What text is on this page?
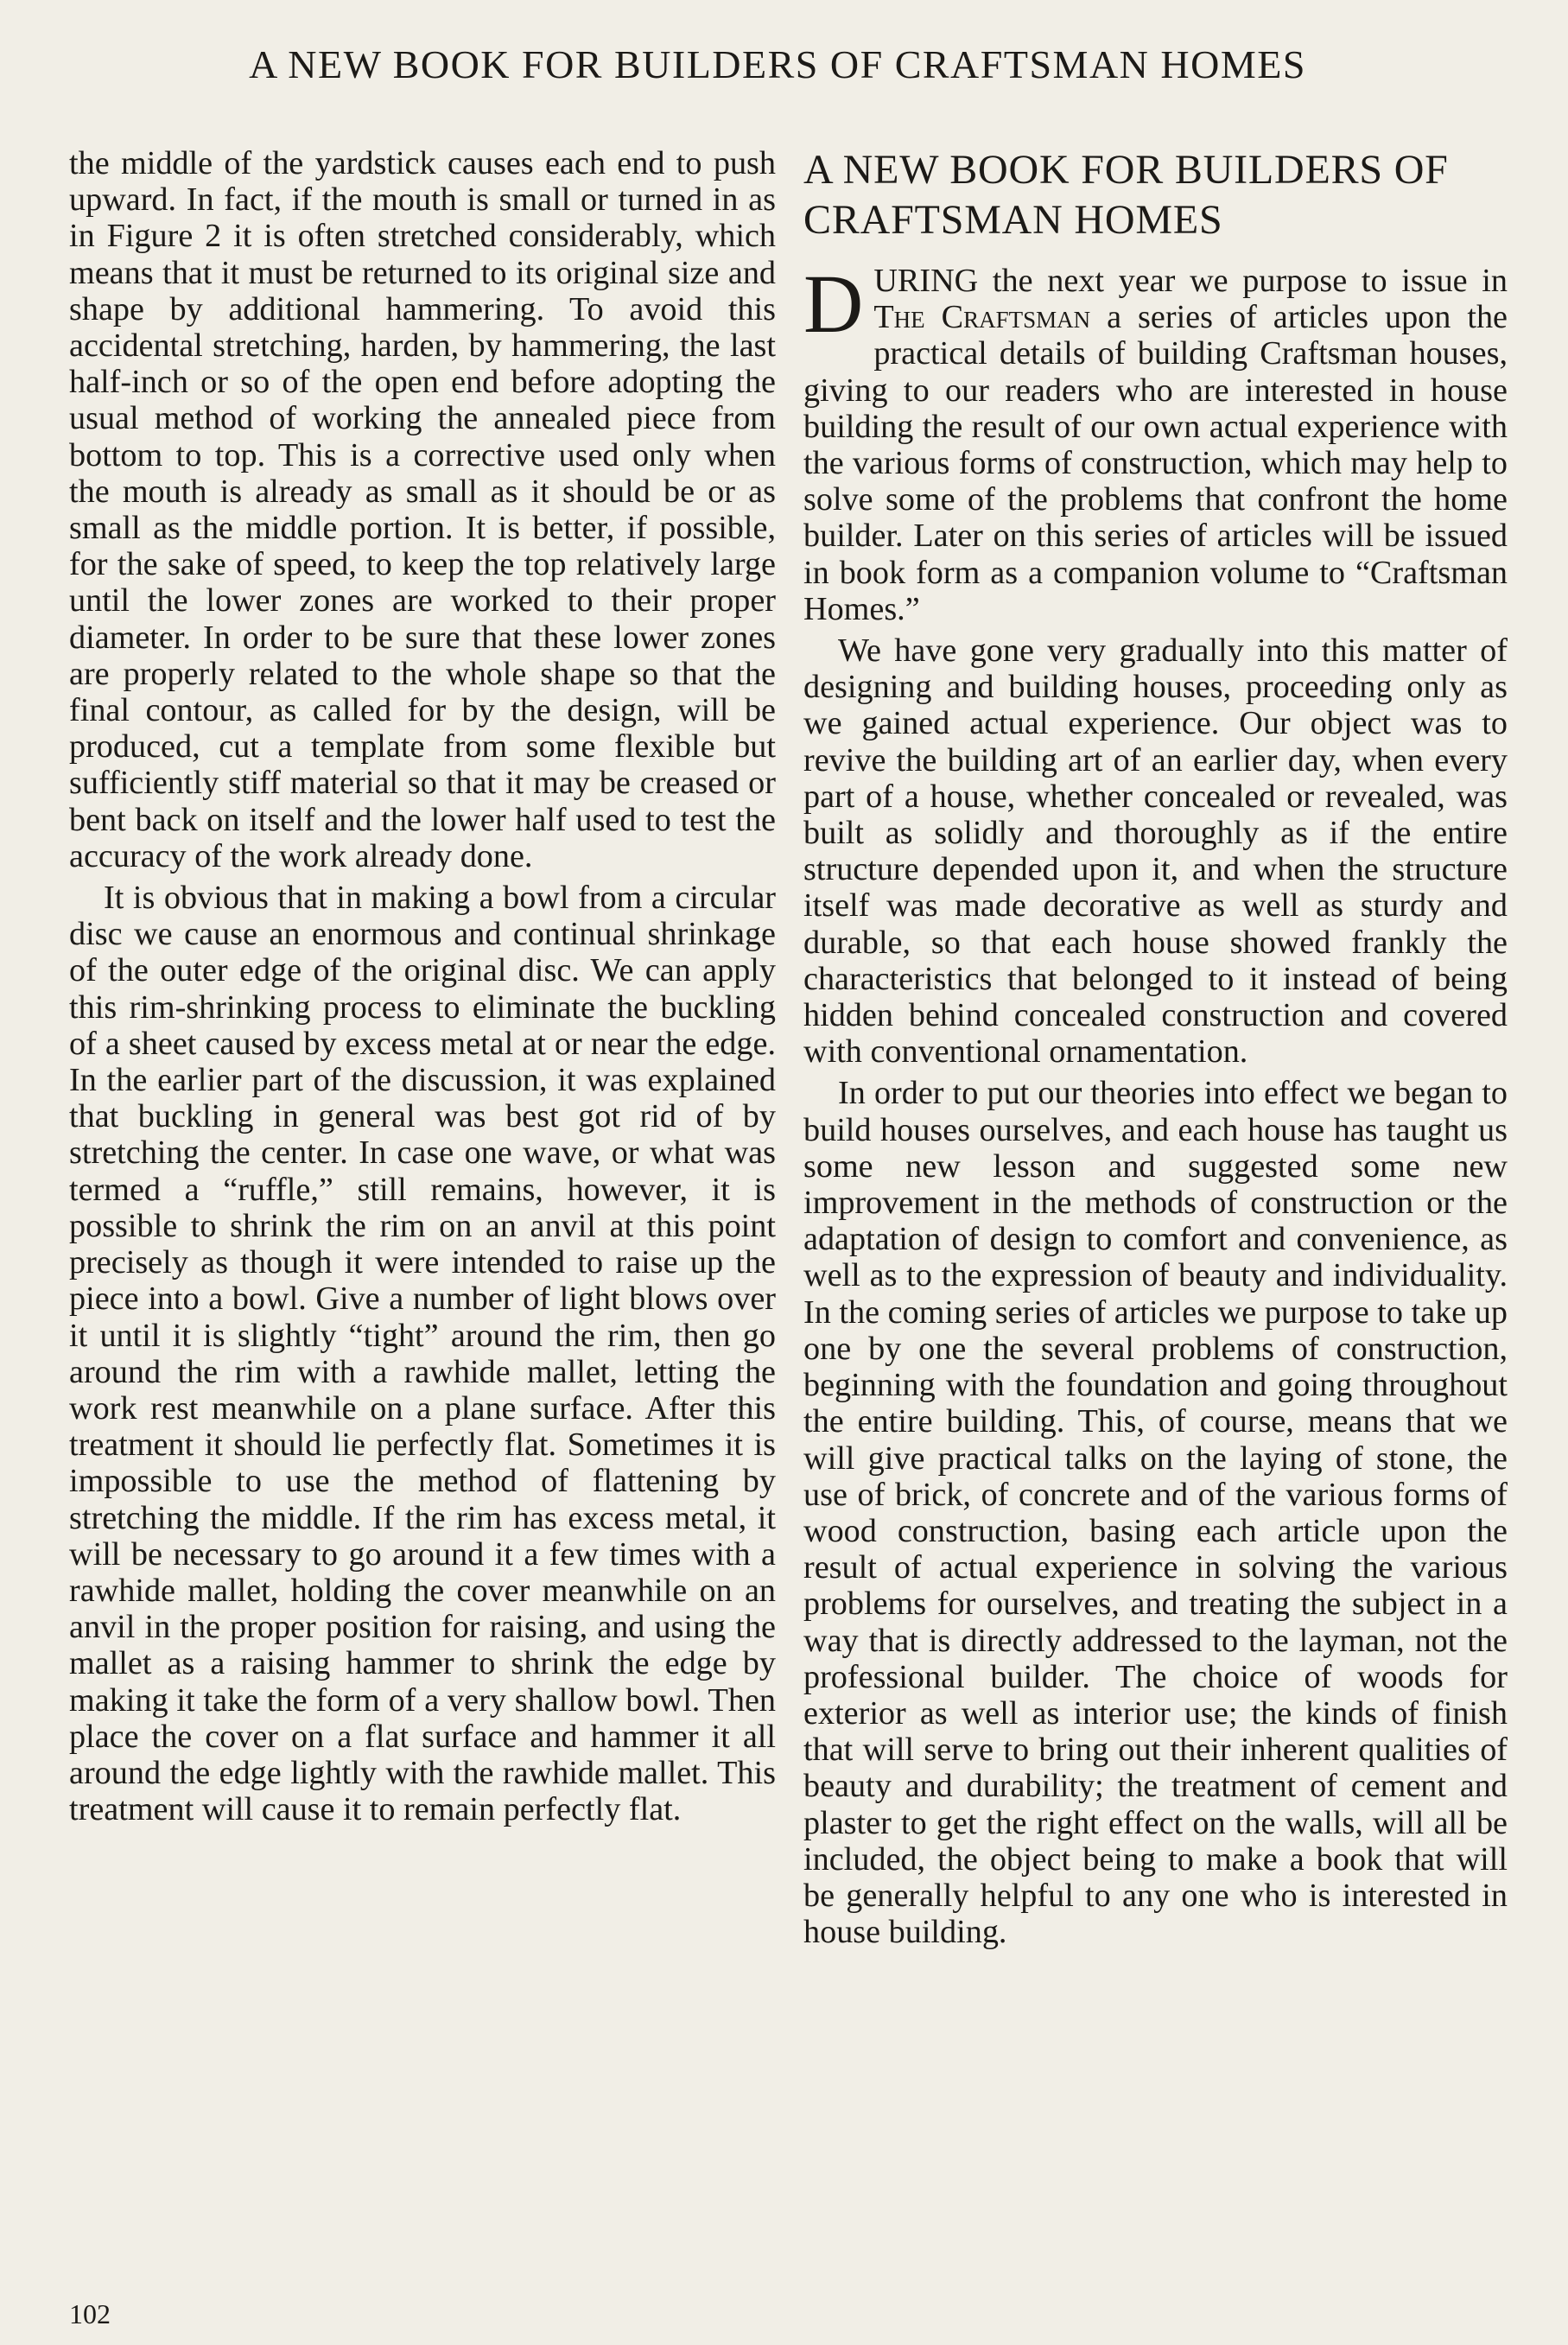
A NEW BOOK FOR BUILDERS OF CRAFTSMAN HOMES

the middle of the yardstick causes each end to push upward. In fact, if the mouth is small or turned in as in Figure 2 it is often stretched considerably, which means that it must be returned to its original size and shape by additional hammering. To avoid this accidental stretching, harden, by hammering, the last half-inch or so of the open end before adopting the usual method of working the annealed piece from bottom to top. This is a corrective used only when the mouth is already as small as it should be or as small as the middle portion. It is better, if possible, for the sake of speed, to keep the top relatively large until the lower zones are worked to their proper diameter. In order to be sure that these lower zones are properly related to the whole shape so that the final contour, as called for by the design, will be produced, cut a template from some flexible but sufficiently stiff material so that it may be creased or bent back on itself and the lower half used to test the accuracy of the work already done.

It is obvious that in making a bowl from a circular disc we cause an enormous and continual shrinkage of the outer edge of the original disc. We can apply this rim-shrinking process to eliminate the buckling of a sheet caused by excess metal at or near the edge. In the earlier part of the discussion, it was explained that buckling in general was best got rid of by stretching the center. In case one wave, or what was termed a “ruffle,” still remains, however, it is possible to shrink the rim on an anvil at this point precisely as though it were intended to raise up the piece into a bowl. Give a number of light blows over it until it is slightly “tight” around the rim, then go around the rim with a rawhide mallet, letting the work rest meanwhile on a plane surface. After this treatment it should lie perfectly flat. Sometimes it is impossible to use the method of flattening by stretching the middle. If the rim has excess metal, it will be necessary to go around it a few times with a rawhide mallet, holding the cover meanwhile on an anvil in the proper position for raising, and using the mallet as a raising hammer to shrink the edge by making it take the form of a very shallow bowl. Then place the cover on a flat surface and hammer it all around the edge lightly with the rawhide mallet. This treatment will cause it to remain perfectly flat.

A NEW BOOK FOR BUILDERS OF CRAFTSMAN HOMES

DURING the next year we purpose to issue in The Craftsman a series of articles upon the practical details of building Craftsman houses, giving to our readers who are interested in house building the result of our own actual experience with the various forms of construction, which may help to solve some of the problems that confront the home builder. Later on this series of articles will be issued in book form as a companion volume to “Craftsman Homes.”

We have gone very gradually into this matter of designing and building houses, proceeding only as we gained actual experience. Our object was to revive the building art of an earlier day, when every part of a house, whether concealed or revealed, was built as solidly and thoroughly as if the entire structure depended upon it, and when the structure itself was made decorative as well as sturdy and durable, so that each house showed frankly the characteristics that belonged to it instead of being hidden behind concealed construction and covered with conventional ornamentation.

In order to put our theories into effect we began to build houses ourselves, and each house has taught us some new lesson and suggested some new improvement in the methods of construction or the adaptation of design to comfort and convenience, as well as to the expression of beauty and individuality. In the coming series of articles we purpose to take up one by one the several problems of construction, beginning with the foundation and going throughout the entire building. This, of course, means that we will give practical talks on the laying of stone, the use of brick, of concrete and of the various forms of wood construction, basing each article upon the result of actual experience in solving the various problems for ourselves, and treating the subject in a way that is directly addressed to the layman, not the professional builder. The choice of woods for exterior as well as interior use; the kinds of finish that will serve to bring out their inherent qualities of beauty and durability; the treatment of cement and plaster to get the right effect on the walls, will all be included, the object being to make a book that will be generally helpful to any one who is interested in house building.

102
